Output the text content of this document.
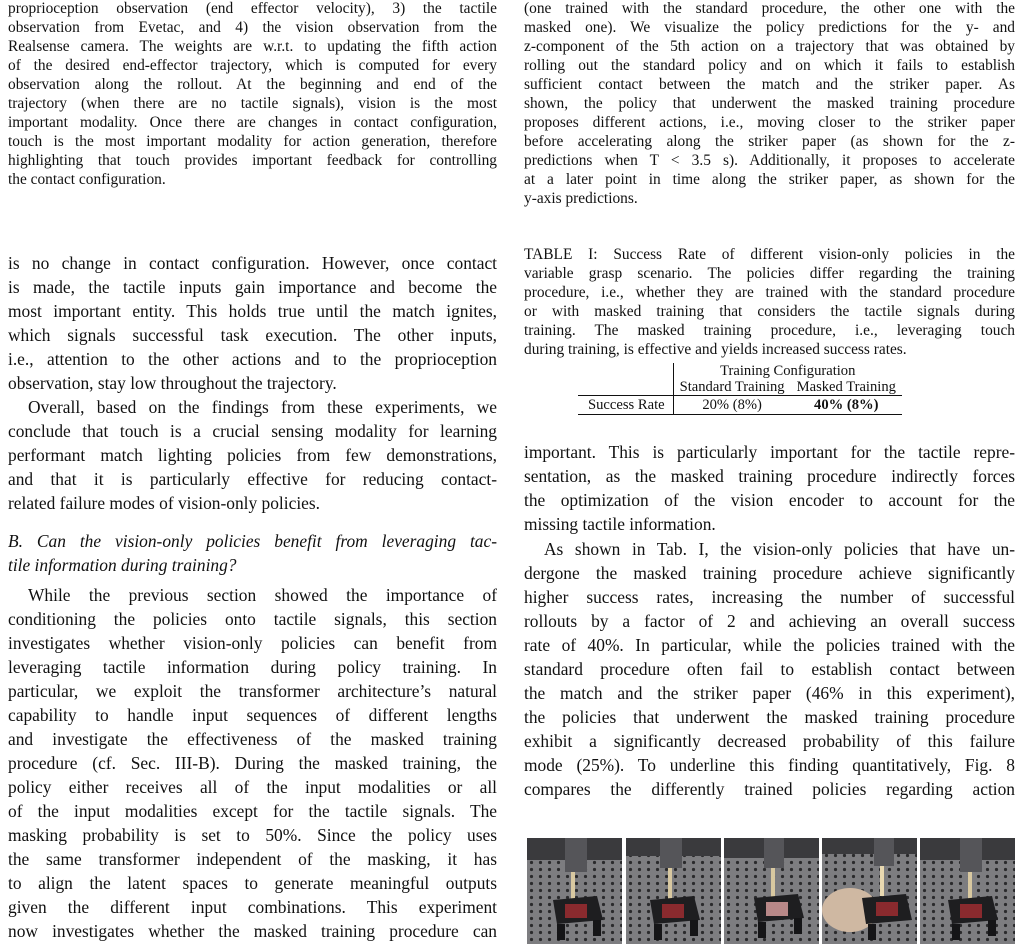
proprioception observation (end effector velocity), 3) the tactile
observation from Evetac, and 4) the vision observation from the
Realsense camera. The weights are w.r.t. to updating the fifth action
of the desired end-effector trajectory, which is computed for every
observation along the rollout. At the beginning and end of the
trajectory (when there are no tactile signals), vision is the most
important modality. Once there are changes in contact configuration,
touch is the most important modality for action generation, therefore
highlighting that touch provides important feedback for controlling
the contact configuration.
is no change in contact configuration. However, once contact
is made, the tactile inputs gain importance and become the
most important entity. This holds true until the match ignites,
which signals successful task execution. The other inputs,
i.e., attention to the other actions and to the proprioception
observation, stay low throughout the trajectory.
Overall, based on the findings from these experiments, we
conclude that touch is a crucial sensing modality for learning
performant match lighting policies from few demonstrations,
and that it is particularly effective for reducing contact-
related failure modes of vision-only policies.
B. Can the vision-only policies benefit from leveraging tac-
tile information during training?
While the previous section showed the importance of
conditioning the policies onto tactile signals, this section
investigates whether vision-only policies can benefit from
leveraging tactile information during policy training. In
particular, we exploit the transformer architecture’s natural
capability to handle input sequences of different lengths
and investigate the effectiveness of the masked training
procedure (cf. Sec. III-B). During the masked training, the
policy either receives all of the input modalities or all
of the input modalities except for the tactile signals. The
masking probability is set to 50%. Since the policy uses
the same transformer independent of the masking, it has
to align the latent spaces to generate meaningful outputs
given the different input combinations. This experiment
now investigates whether the masked training procedure can
(one trained with the standard procedure, the other one with the
masked one). We visualize the policy predictions for the y- and
z-component of the 5th action on a trajectory that was obtained by
rolling out the standard policy and on which it fails to establish
sufficient contact between the match and the striker paper. As
shown, the policy that underwent the masked training procedure
proposes different actions, i.e., moving closer to the striker paper
before accelerating along the striker paper (as shown for the z-
predictions when T < 3.5 s). Additionally, it proposes to accelerate
at a later point in time along the striker paper, as shown for the
y-axis predictions.
TABLE I: Success Rate of different vision-only policies in the
variable grasp scenario. The policies differ regarding the training
procedure, i.e., whether they are trained with the standard procedure
or with masked training that considers the tactile signals during
training. The masked training procedure, i.e., leveraging touch
during training, is effective and yields increased success rates.
	Training Configuration	
	Standard Training	Masked Training
Success Rate	20% (8%)	40% (8%)
important. This is particularly important for the tactile repre-
sentation, as the masked training procedure indirectly forces
the optimization of the vision encoder to account for the
missing tactile information.
As shown in Tab. I, the vision-only policies that have un-
dergone the masked training procedure achieve significantly
higher success rates, increasing the number of successful
rollouts by a factor of 2 and achieving an overall success
rate of 40%. In particular, while the policies trained with the
standard procedure often fail to establish contact between
the match and the striker paper (46% in this experiment),
the policies that underwent the masked training procedure
exhibit a significantly decreased probability of this failure
mode (25%). To underline this finding quantitatively, Fig. 8
compares the differently trained policies regarding action
